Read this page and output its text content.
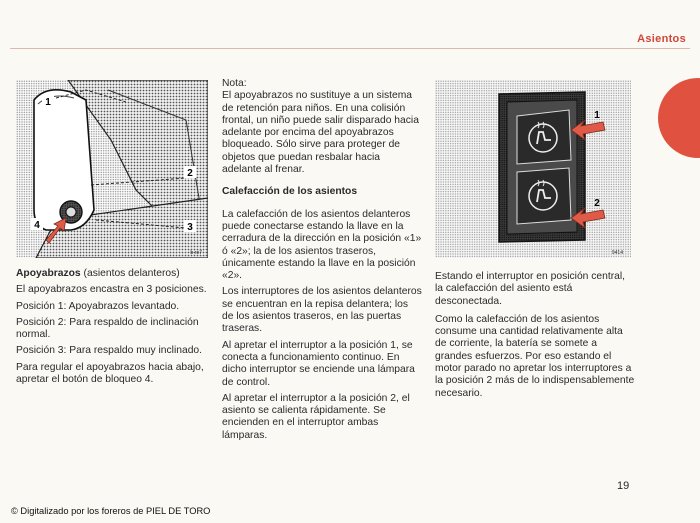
Asientos
1
2
3
4
b-ro7
1
2
9414

Apoyabrazos (asientos delanteros)

El apoyabrazos encastra en 3 posiciones.

Posición 1: Apoyabrazos levantado.

Posición 2: Para respaldo de inclinación normal.

Posición 3: Para respaldo muy inclinado.

Para regular el apoyabrazos hacia abajo, apretar el botón de bloqueo 4.

Nota:

El apoyabrazos no sustituye a un sistema de retención para niños. En una colisión frontal, un niño puede salir disparado hacia adelante por encima del apoyabrazos bloqueado. Sólo sirve para proteger de objetos que puedan resbalar hacia adelante al frenar.

Calefacción de los asientos

La calefacción de los asientos delanteros puede conectarse estando la llave en la cerradura de la dirección en la posición «1» ó «2»; la de los asientos traseros, únicamente estando la llave en la posición «2».

Los interruptores de los asientos delanteros se encuentran en la repisa delantera; los de los asientos traseros, en las puertas traseras.

Al apretar el interruptor a la posición 1, se conecta a funcionamiento continuo. En dicho interruptor se enciende una lámpara de control.

Al apretar el interruptor a la posición 2, el asiento se calienta rápidamente. Se encienden en el interruptor ambas lámparas.

Estando el interruptor en posición central, la calefacción del asiento está desconectada.

Como la calefacción de los asientos consume una cantidad relativamente alta de corriente, la batería se somete a grandes esfuerzos. Por eso estando el motor parado no apretar los interruptores a la posición 2 más de lo indispensablemente necesario.

19
© Digitalizado por los foreros de PIEL DE TORO
